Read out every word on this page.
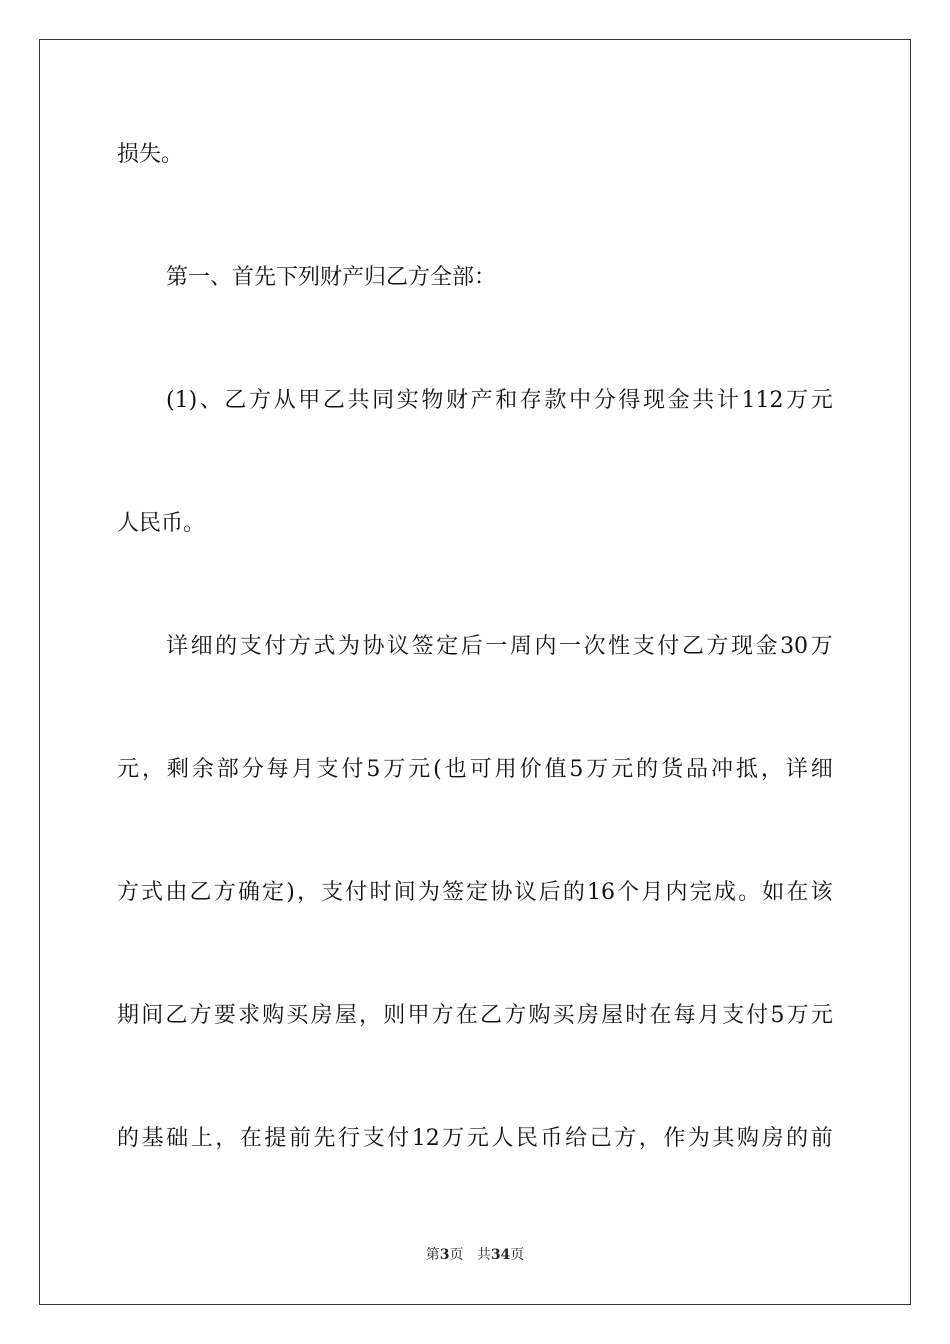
损失。
第一、首先下列财产归乙方全部：
(1) 、 乙 方 从 甲 乙 共 同 实 物 财 产 和 存 款 中 分 得 现 金 共 计 112 万 元
人民币。
详 细 的 支 付 方 式 为 协 议 签 定 后 一 周 内 一 次 性 支 付 乙 方 现 金 30 万
元 ， 剩 余 部 分 每 月 支 付 5 万 元 ( 也 可 用 价 值 5 万 元 的 货 品 冲 抵 ， 详 细
方 式 由 乙 方 确 定 ) ， 支 付 时 间 为 签 定 协 议 后 的 16 个 月 内 完 成 。 如 在 该
期 间 乙 方 要 求 购 买 房 屋 ， 则 甲 方 在 乙 方 购 买 房 屋 时 在 每 月 支 付 5 万 元
的 基 础 上 ， 在 提 前 先 行 支 付 12 万 元 人 民 币 给 己 方 ， 作 为 其 购 房 的 前
第3页 共34页
